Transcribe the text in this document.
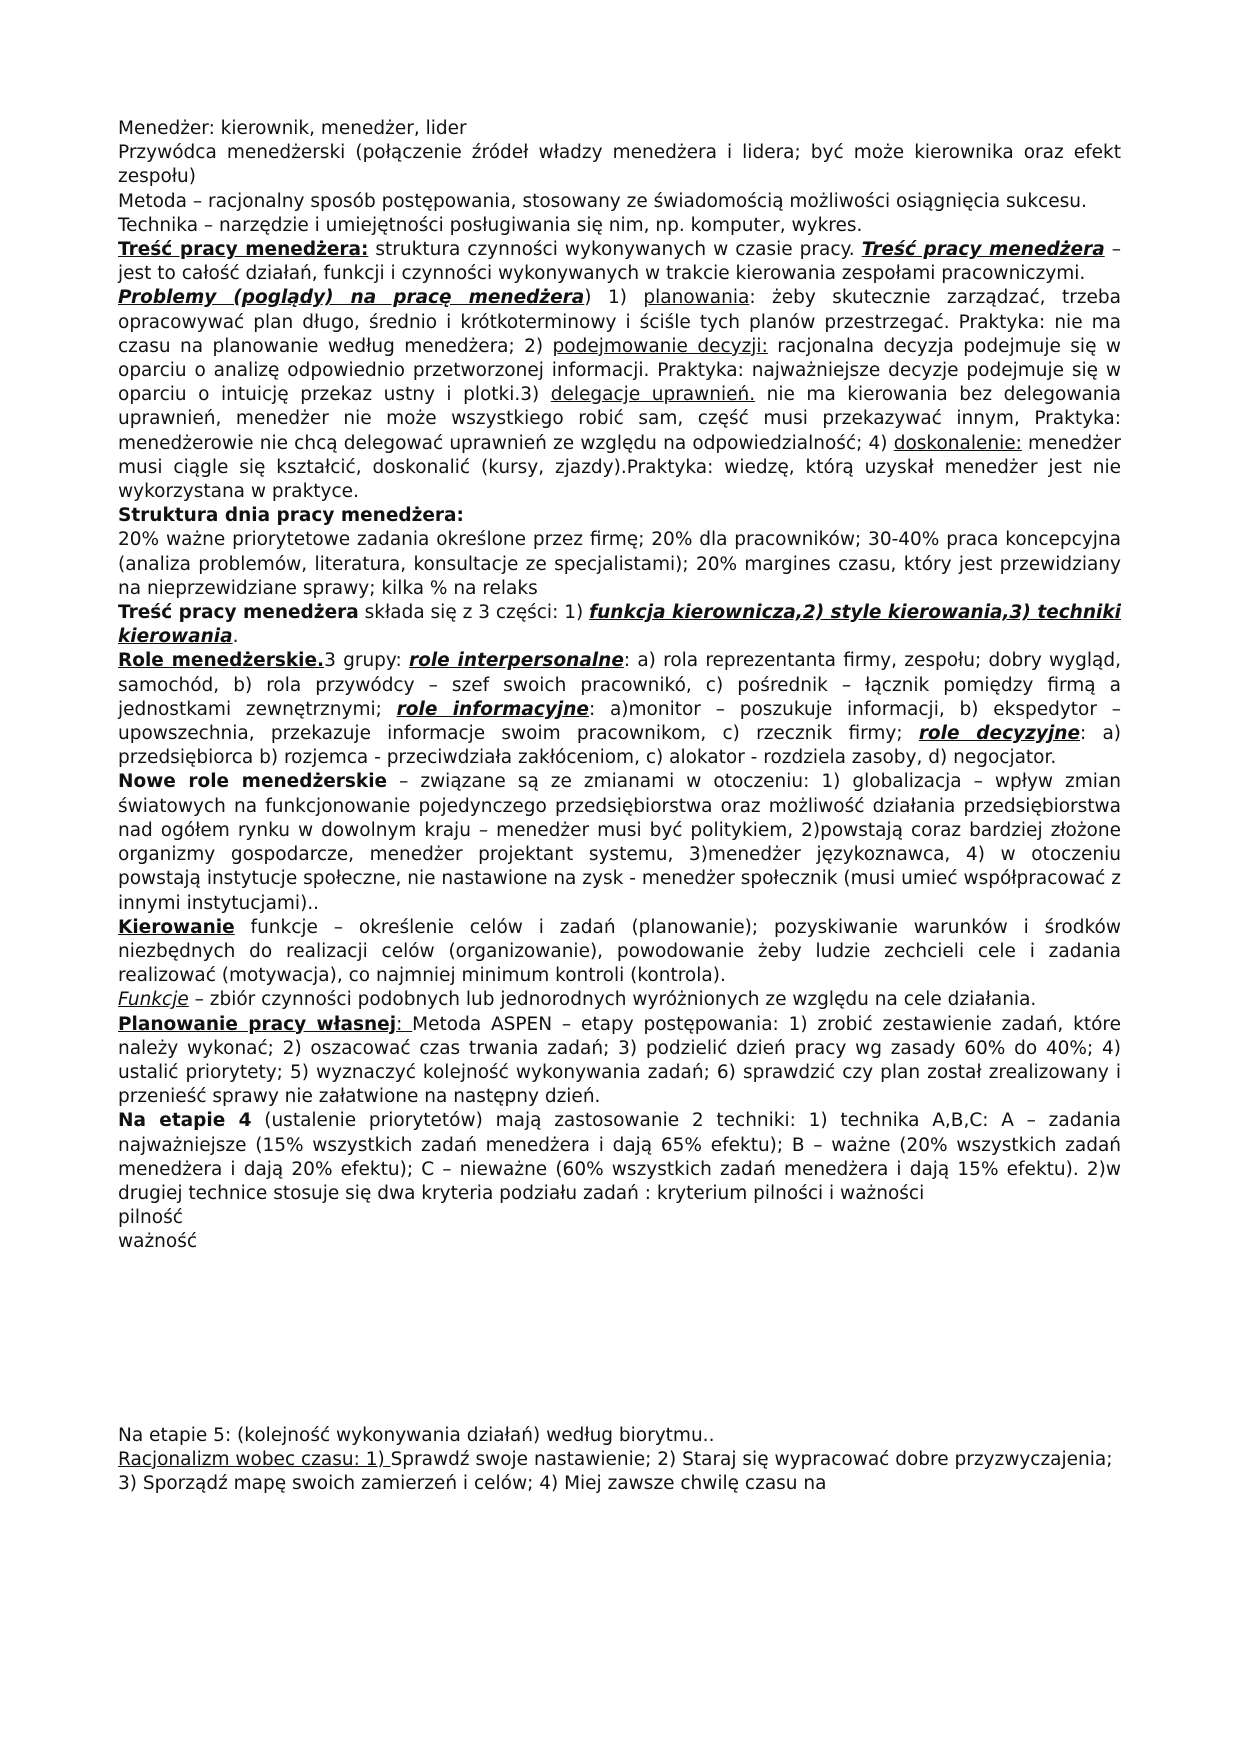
Menedżer: kierownik, menedżer, lider

Przywódca menedżerski (połączenie źródeł władzy menedżera i lidera; być może kierownika oraz efekt zespołu)

Metoda – racjonalny sposób postępowania, stosowany ze świadomością możliwości osiągnięcia sukcesu.

Technika – narzędzie i umiejętności posługiwania się nim, np. komputer, wykres.

Treść pracy menedżera: struktura czynności wykonywanych w czasie pracy. Treść pracy menedżera – jest to całość działań, funkcji i czynności wykonywanych w trakcie kierowania zespołami pracowniczymi.

Problemy (poglądy) na pracę menedżera) 1) planowania: żeby skutecznie zarządzać, trzeba opracowywać plan długo, średnio i krótkoterminowy i ściśle tych planów przestrzegać. Praktyka: nie ma czasu na planowanie według menedżera; 2) podejmowanie decyzji: racjonalna decyzja podejmuje się w oparciu o analizę odpowiednio przetworzonej informacji. Praktyka: najważniejsze decyzje podejmuje się w oparciu o intuicję przekaz ustny i plotki.3) delegacje uprawnień. nie ma kierowania bez delegowania uprawnień, menedżer nie może wszystkiego robić sam, część musi przekazywać innym, Praktyka: menedżerowie nie chcą delegować uprawnień ze względu na odpowiedzialność; 4) doskonalenie: menedżer musi ciągle się kształcić, doskonalić (kursy, zjazdy).Praktyka: wiedzę, którą uzyskał menedżer jest nie wykorzystana w praktyce.

Struktura dnia pracy menedżera:

20% ważne priorytetowe zadania określone przez firmę; 20% dla pracowników; 30-40% praca koncepcyjna (analiza problemów, literatura, konsultacje ze specjalistami); 20% margines czasu, który jest przewidziany na nieprzewidziane sprawy; kilka % na relaks

Treść pracy menedżera składa się z 3 części: 1) funkcja kierownicza,2) style kierowania,3) techniki kierowania.

Role menedżerskie.3 grupy: role interpersonalne: a) rola reprezentanta firmy, zespołu; dobry wygląd, samochód, b) rola przywódcy – szef swoich pracownikó, c) pośrednik – łącznik pomiędzy firmą a jednostkami zewnętrznymi; role informacyjne: a)monitor – poszukuje informacji, b) ekspedytor – upowszechnia, przekazuje informacje swoim pracownikom, c) rzecznik firmy; role decyzyjne: a) przedsiębiorca b) rozjemca - przeciwdziała zakłóceniom, c) alokator - rozdziela zasoby, d) negocjator.

Nowe role menedżerskie – związane są ze zmianami w otoczeniu: 1) globalizacja – wpływ zmian światowych na funkcjonowanie pojedynczego przedsiębiorstwa oraz możliwość działania przedsiębiorstwa nad ogółem rynku w dowolnym kraju – menedżer musi być politykiem, 2)powstają coraz bardziej złożone organizmy gospodarcze, menedżer projektant systemu, 3)menedżer językoznawca, 4) w otoczeniu powstają instytucje społeczne, nie nastawione na zysk - menedżer społecznik (musi umieć współpracować z innymi instytucjami)..

Kierowanie funkcje – określenie celów i zadań (planowanie); pozyskiwanie warunków i środków niezbędnych do realizacji celów (organizowanie), powodowanie żeby ludzie zechcieli cele i zadania realizować (motywacja), co najmniej minimum kontroli (kontrola).

Funkcje – zbiór czynności podobnych lub jednorodnych wyróżnionych ze względu na cele działania.

Planowanie pracy własnej: Metoda ASPEN – etapy postępowania: 1) zrobić zestawienie zadań, które należy wykonać; 2) oszacować czas trwania zadań; 3) podzielić dzień pracy wg zasady 60% do 40%; 4) ustalić priorytety; 5) wyznaczyć kolejność wykonywania zadań; 6) sprawdzić czy plan został zrealizowany i przenieść sprawy nie załatwione na następny dzień.

Na etapie 4 (ustalenie priorytetów) mają zastosowanie 2 techniki: 1) technika A,B,C: A – zadania najważniejsze (15% wszystkich zadań menedżera i dają 65% efektu); B – ważne (20% wszystkich zadań menedżera i dają 20% efektu); C – nieważne (60% wszystkich zadań menedżera i dają 15% efektu). 2)w drugiej technice stosuje się dwa kryteria podziału zadań : kryterium pilności i ważności

pilność

ważność

Na etapie 5: (kolejność wykonywania działań) według biorytmu..

Racjonalizm wobec czasu: 1) Sprawdź swoje nastawienie; 2) Staraj się wypracować dobre przyzwyczajenia; 3) Sporządź mapę swoich zamierzeń i celów; 4) Miej zawsze chwilę czasu na
